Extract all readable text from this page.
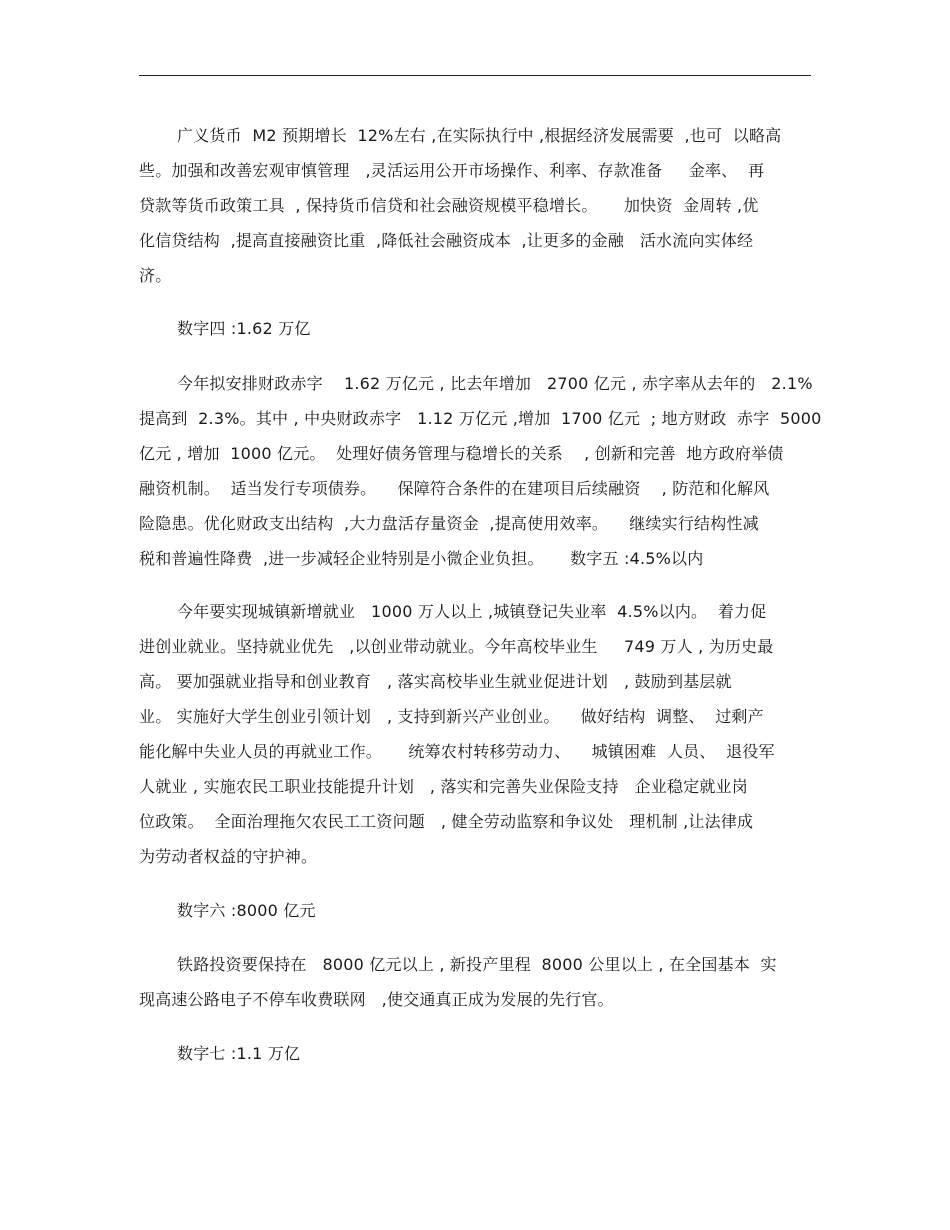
广义货币  M2 预期增长  12%左右 ,在实际执行中 ,根据经济发展需要  ,也可  以略高
些。加强和改善宏观审慎管理   ,灵活运用公开市场操作、利率、存款准备     金率、  再
贷款等货币政策工具  , 保持货币信贷和社会融资规模平稳增长。     加快资  金周转 ,优
化信贷结构  ,提高直接融资比重  ,降低社会融资成本  ,让更多的金融   活水流向实体经
济。
数字四 :1.62 万亿
今年拟安排财政赤字    1.62 万亿元 , 比去年增加   2700 亿元 , 赤字率从去年的   2.1%
提高到  2.3%。其中 , 中央财政赤字   1.12 万亿元 ,增加  1700 亿元  ; 地方财政  赤字  5000
亿元 , 增加  1000 亿元。  处理好债务管理与稳增长的关系    , 创新和完善  地方政府举债
融资机制。  适当发行专项债券。    保障符合条件的在建项目后续融资    , 防范和化解风
险隐患。优化财政支出结构  ,大力盘活存量资金  ,提高使用效率。    继续实行结构性减
税和普遍性降费  ,进一步减轻企业特别是小微企业负担。     数字五 :4.5%以内
今年要实现城镇新增就业   1000 万人以上 ,城镇登记失业率  4.5%以内。  着力促
进创业就业。坚持就业优先   ,以创业带动就业。今年高校毕业生     749 万人 , 为历史最
高。 要加强就业指导和创业教育   , 落实高校毕业生就业促进计划   , 鼓励到基层就
业。 实施好大学生创业引领计划   , 支持到新兴产业创业。    做好结构  调整、  过剩产
能化解中失业人员的再就业工作。     统筹农村转移劳动力、    城镇困难  人员、  退役军
人就业 , 实施农民工职业技能提升计划   , 落实和完善失业保险支持   企业稳定就业岗
位政策。  全面治理拖欠农民工工资问题   , 健全劳动监察和争议处   理机制 ,让法律成
为劳动者权益的守护神。
数字六 :8000 亿元
铁路投资要保持在   8000 亿元以上 , 新投产里程  8000 公里以上 , 在全国基本  实
现高速公路电子不停车收费联网   ,使交通真正成为发展的先行官。
数字七 :1.1 万亿
